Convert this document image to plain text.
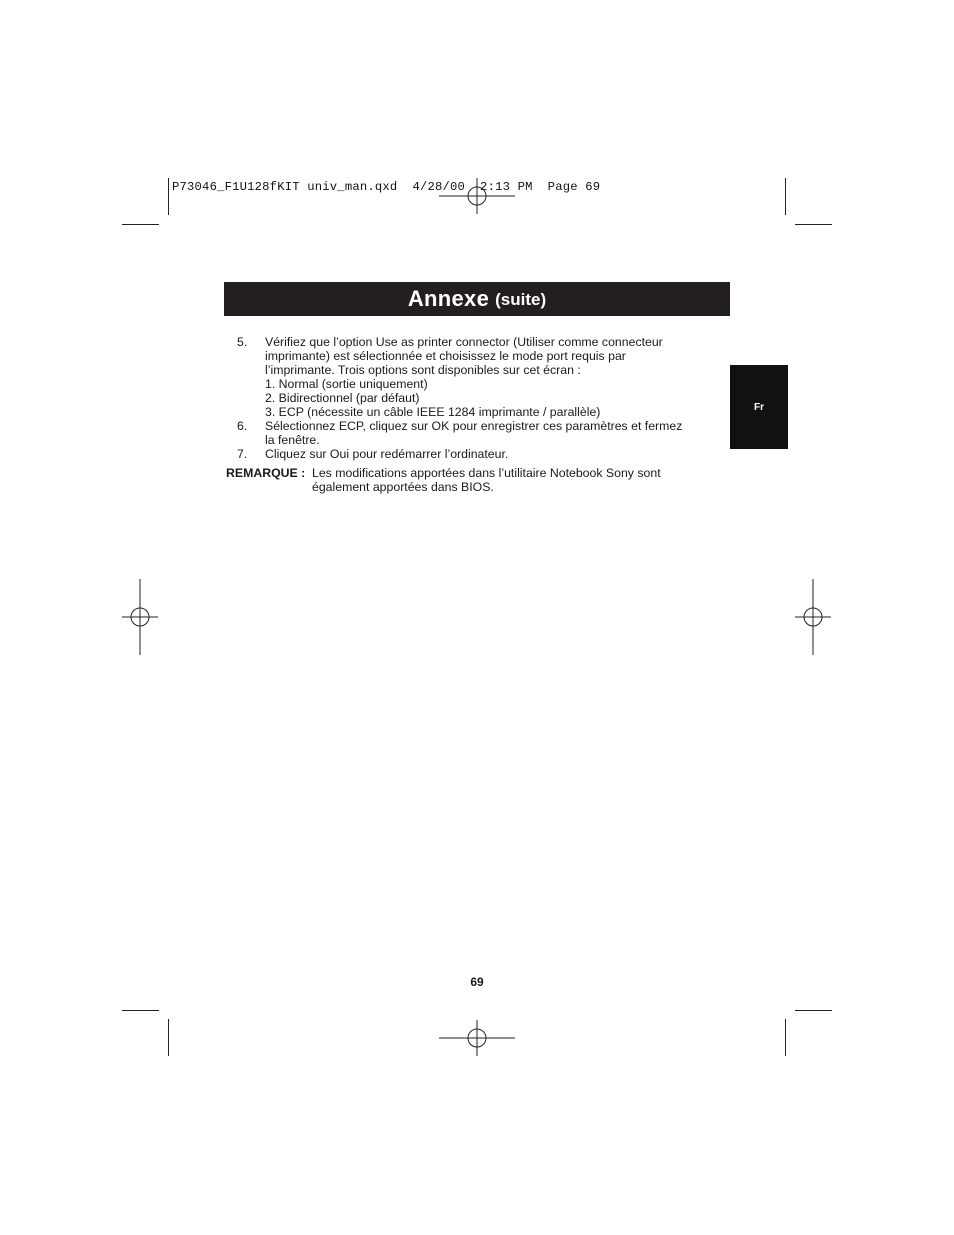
P73046_F1U128fKIT univ_man.qxd  4/28/00  2:13 PM  Page 69
Annexe (suite)
Fr
5. Vérifiez que l’option Use as printer connector (Utiliser comme connecteur
imprimante) est sélectionnée et choisissez le mode port requis par
l’imprimante. Trois options sont disponibles sur cet écran :
1. Normal (sortie uniquement)
2. Bidirectionnel (par défaut)
3. ECP (nécessite un câble IEEE 1284 imprimante / parallèle)
6. Sélectionnez ECP, cliquez sur OK pour enregistrer ces paramètres et fermez
la fenêtre.
7. Cliquez sur Oui pour redémarrer l’ordinateur.
REMARQUE : Les modifications apportées dans l’utilitaire Notebook Sony sont
également apportées dans BIOS.
69
